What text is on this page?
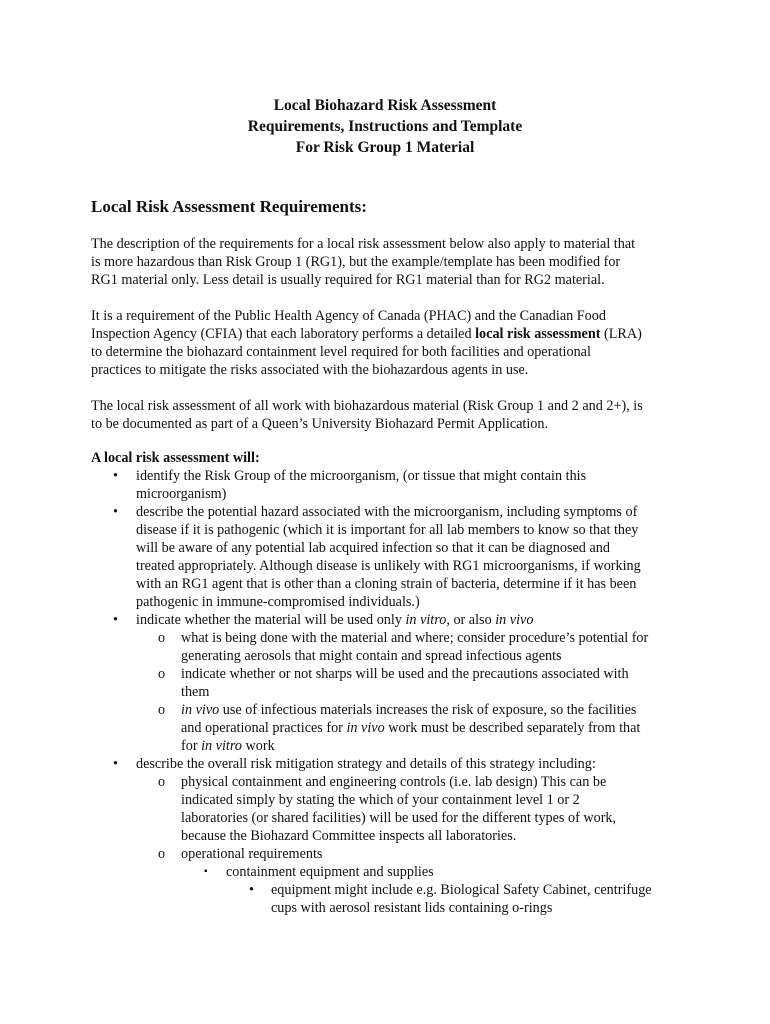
Local Biohazard Risk Assessment
Requirements, Instructions and Template
For Risk Group 1 Material
Local Risk Assessment Requirements:
The description of the requirements for a local risk assessment below also apply to material that
is more hazardous than Risk Group 1 (RG1), but the example/template has been modified for
RG1 material only. Less detail is usually required for RG1 material than for RG2 material.
It is a requirement of the Public Health Agency of Canada (PHAC) and the Canadian Food
Inspection Agency (CFIA) that each laboratory performs a detailed local risk assessment (LRA)
to determine the biohazard containment level required for both facilities and operational
practices to mitigate the risks associated with the biohazardous agents in use.
The local risk assessment of all work with biohazardous material (Risk Group 1 and 2 and 2+), is
to be documented as part of a Queen’s University Biohazard Permit Application.
A local risk assessment will:
•	identify the Risk Group of the microorganism, (or tissue that might contain this
microorganism)
•	describe the potential hazard associated with the microorganism, including symptoms of
disease if it is pathogenic (which it is important for all lab members to know so that they
will be aware of any potential lab acquired infection so that it can be diagnosed and
treated appropriately. Although disease is unlikely with RG1 microorganisms, if working
with an RG1 agent that is other than a cloning strain of bacteria, determine if it has been
pathogenic in immune-compromised individuals.)
•	indicate whether the material will be used only in vitro, or also in vivo
o	what is being done with the material and where; consider procedure’s potential for
generating aerosols that might contain and spread infectious agents
o	indicate whether or not sharps will be used and the precautions associated with
them
o	in vivo use of infectious materials increases the risk of exposure, so the facilities
and operational practices for in vivo work must be described separately from that
for in vitro work
•	describe the overall risk mitigation strategy and details of this strategy including:
o	physical containment and engineering controls (i.e. lab design) This can be
indicated simply by stating the which of your containment level 1 or 2
laboratories (or shared facilities) will be used for the different types of work,
because the Biohazard Committee inspects all laboratories.
o	operational requirements
▪	containment equipment and supplies
•	equipment might include e.g. Biological Safety Cabinet, centrifuge
cups with aerosol resistant lids containing o-rings
